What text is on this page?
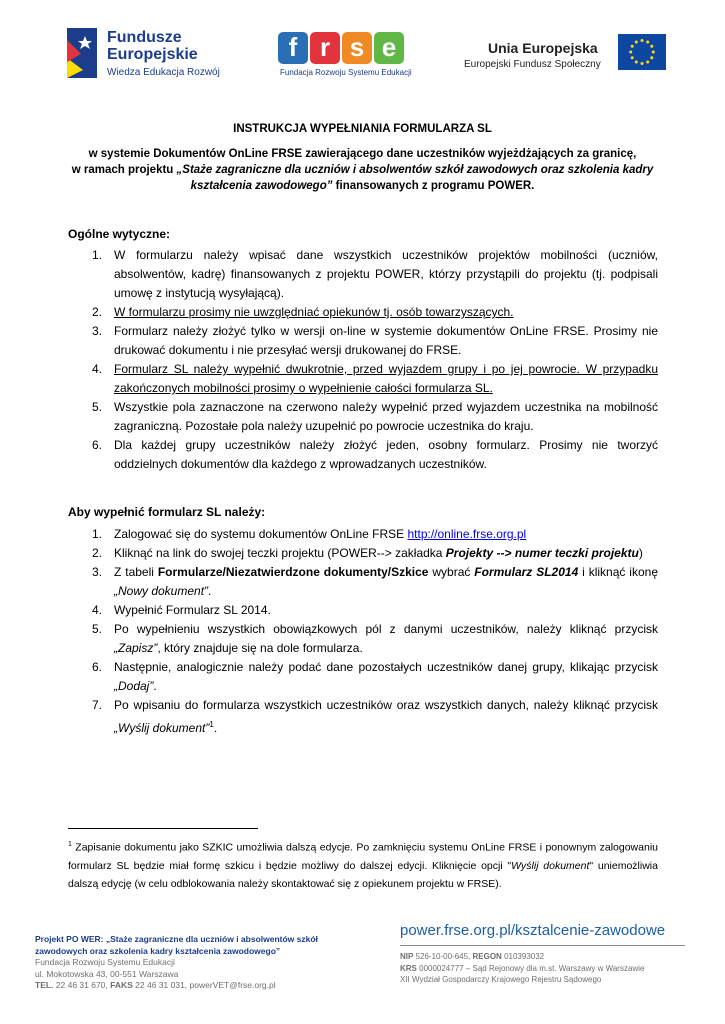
Fundusze
Europejskie
Wiedza Edukacja Rozwój
f r s e
Fundacja Rozwoju Systemu Edukacji
Unia Europejska
Europejski Fundusz Społeczny
INSTRUKCJA WYPEŁNIANIA FORMULARZA SL
w systemie Dokumentów OnLine FRSE zawierającego dane uczestników wyjeżdżających za granicę,
w ramach projektu „Staże zagraniczne dla uczniów i absolwentów szkół zawodowych oraz szkolenia kadry
kształcenia zawodowego” finansowanych z programu POWER.
Ogólne wytyczne:
1. W formularzu należy wpisać dane wszystkich uczestników projektów mobilności (uczniów, absolwentów, kadrę) finansowanych z projektu POWER, którzy przystąpili do projektu (tj. podpisali umowę z instytucją wysyłającą).
2. W formularzu prosimy nie uwzględniać opiekunów tj. osób towarzyszących.
3. Formularz należy złożyć tylko w wersji on-line w systemie dokumentów OnLine FRSE. Prosimy nie drukować dokumentu i nie przesyłać wersji drukowanej do FRSE.
4. Formularz SL należy wypełnić dwukrotnie, przed wyjazdem grupy i po jej powrocie. W przypadku zakończonych mobilności prosimy o wypełnienie całości formularza SL.
5. Wszystkie pola zaznaczone na czerwono należy wypełnić przed wyjazdem uczestnika na mobilność zagraniczną. Pozostałe pola należy uzupełnić po powrocie uczestnika do kraju.
6. Dla każdej grupy uczestników należy złożyć jeden, osobny formularz. Prosimy nie tworzyć oddzielnych dokumentów dla każdego z wprowadzanych uczestników.
Aby wypełnić formularz SL należy:
1. Zalogować się do systemu dokumentów OnLine FRSE http://online.frse.org.pl
2. Kliknąć na link do swojej teczki projektu (POWER--> zakładka Projekty --> numer teczki projektu)
3. Z tabeli Formularze/Niezatwierdzone dokumenty/Szkice wybrać Formularz SL2014 i kliknąć ikonę „Nowy dokument”.
4. Wypełnić Formularz SL 2014.
5. Po wypełnieniu wszystkich obowiązkowych pól z danymi uczestników, należy kliknąć przycisk „Zapisz”, który znajduje się na dole formularza.
6. Następnie, analogicznie należy podać dane pozostałych uczestników danej grupy, klikając przycisk „Dodaj”.
7. Po wpisaniu do formularza wszystkich uczestników oraz wszystkich danych, należy kliknąć przycisk „Wyślij dokument”$^1$.
$^1$ Zapisanie dokumentu jako SZKIC umożliwia dalszą edycje. Po zamknięciu systemu OnLine FRSE i ponownym zalogowaniu formularz SL będzie miał formę szkicu i będzie możliwy do dalszej edycji. Kliknięcie opcji "Wyślij dokument" uniemożliwia dalszą edycję (w celu odblokowania należy skontaktować się z opiekunem projektu w FRSE).
Projekt PO WER: „Staże zagraniczne dla uczniów i absolwentów szkół zawodowych oraz szkolenia kadry kształcenia zawodowego”
Fundacja Rozwoju Systemu Edukacji
ul. Mokotowska 43, 00-551 Warszawa
TEL. 22 46 31 670, FAKS 22 46 31 031, powerVET@frse.org.pl
power.frse.org.pl/ksztalcenie-zawodowe
NIP 526-10-00-645, REGON 010393032
KRS 0000024777 – Sąd Rejonowy dla m.st. Warszawy w Warszawie
XII Wydział Gospodarczy Krajowego Rejestru Sądowego
